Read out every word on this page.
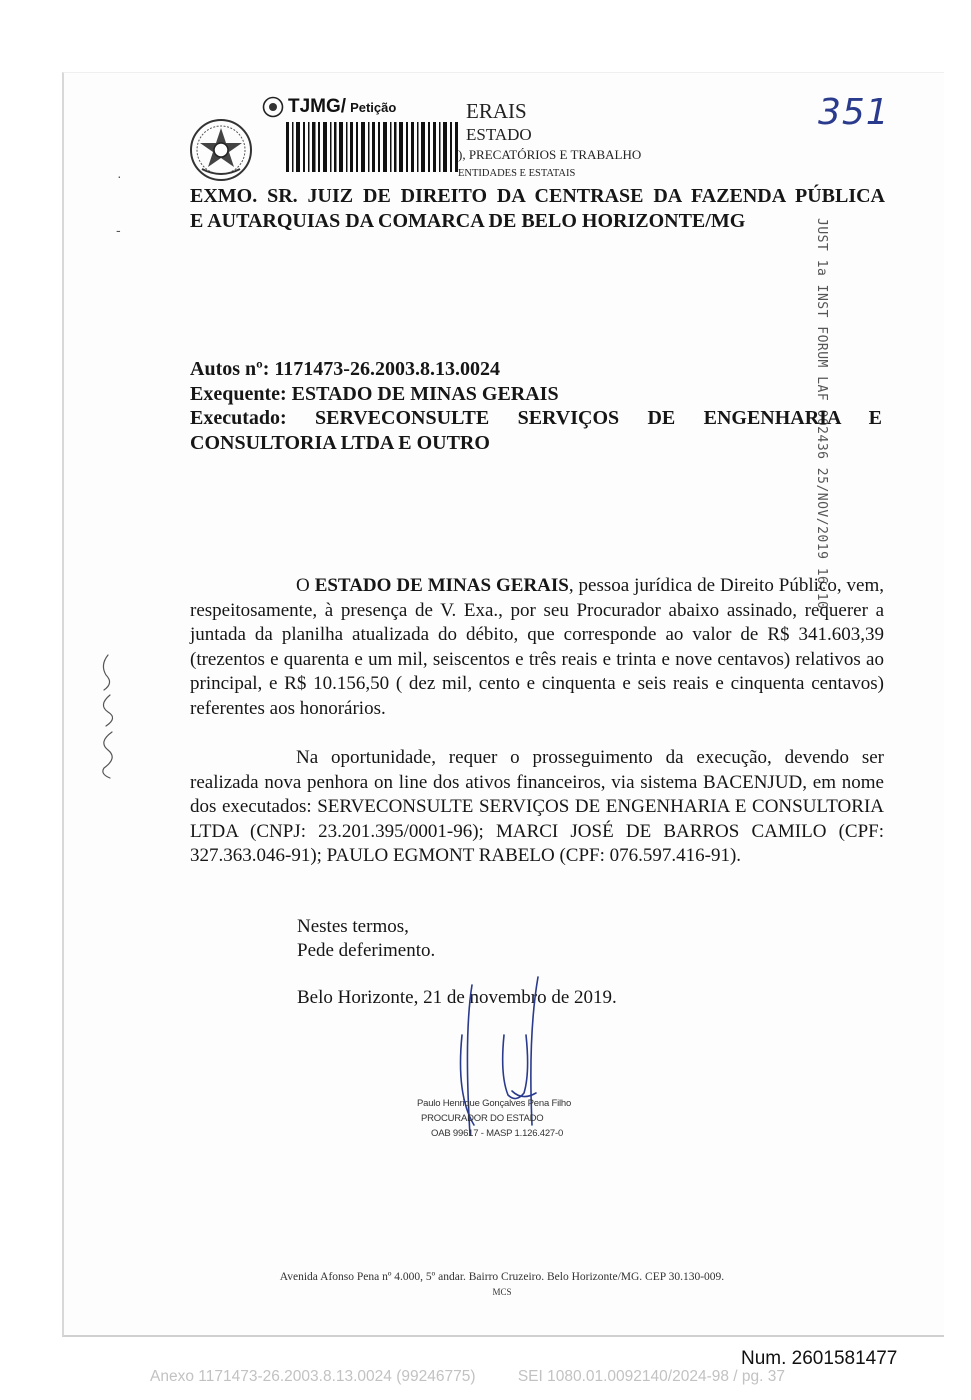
TJMG/ Petição	ERAIS
ESTADO
), PRECATÓRIOS E TRABALHO
ENTIDADES E ESTATAIS
351
EXMO. SR. JUIZ DE DIREITO DA CENTRASE DA FAZENDA PÚBLICA
E AUTARQUIAS DA COMARCA DE BELO HORIZONTE/MG	JUST 1a INST FORUM LAF 002436 25/NOV/2019 16:10
Autos nº: 1171473-26.2003.8.13.0024
Exequente: ESTADO DE MINAS GERAIS
Executado: SERVECONSULTE SERVIÇOS DE ENGENHARIA E
CONSULTORIA LTDA E OUTRO
O ESTADO DE MINAS GERAIS, pessoa jurídica de Direito Público, vem, respeitosamente, à presença de V. Exa., por seu Procurador abaixo assinado, requerer a juntada da planilha atualizada do débito, que corresponde ao valor de R$ 341.603,39 (trezentos e quarenta e um mil, seiscentos e três reais e trinta e nove centavos) relativos ao principal, e R$ 10.156,50 ( dez mil, cento e cinquenta e seis reais e cinquenta centavos) referentes aos honorários.
Na oportunidade, requer o prosseguimento da execução, devendo ser realizada nova penhora on line dos ativos financeiros, via sistema BACENJUD, em nome dos executados: SERVECONSULTE SERVIÇOS DE ENGENHARIA E CONSULTORIA LTDA (CNPJ: 23.201.395/0001-96); MARCI JOSÉ DE BARROS CAMILO (CPF: 327.363.046-91); PAULO EGMONT RABELO (CPF: 076.597.416-91).
Nestes termos,
Pede deferimento.
Belo Horizonte, 21 de novembro de 2019.
Paulo Henrique Gonçalves Pena Filho
PROCURADOR DO ESTADO
OAB 99617 - MASP 1.126.427-0
·
-
Avenida Afonso Pena nº 4.000, 5º andar. Bairro Cruzeiro. Belo Horizonte/MG. CEP 30.130-009.
MCS
Num. 2601581477
Anexo 1171473-26.2003.8.13.0024 (99246775)	SEI 1080.01.0092140/2024-98 / pg. 37
